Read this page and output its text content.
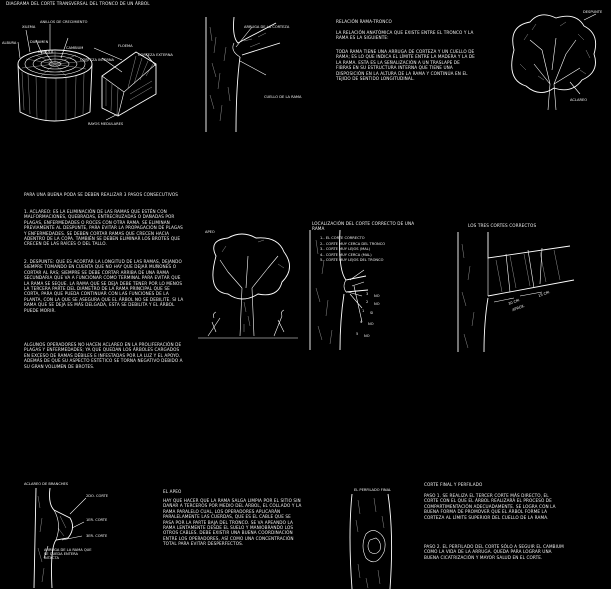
DIAGRAMA DEL CORTE TRANSVERSAL DEL TRONCO DE UN ÁRBOL

XILEMA
ANILLOS DE CRECIMIENTO
ALBURA	DURAMEN
CAMBIUM
MÉDULA
FLOEMA
CORTEZA INTERNA
CORTEZA EXTERNA
RAYOS MEDULARES
ARRUGA DE LA CORTEZA
CUELLO DE LA RAMA

RELACIÓN RAMA-TRONCO

LA RELACIÓN ANATÓMICA QUE EXISTE ENTRE EL TRONCO Y LA RAMA ES LA SIGUIENTE:

TODA RAMA TIENE UNA ARRUGA DE CORTEZA Y UN CUELLO DE RAMA; ES LO QUE INDICA EL LÍMITE ENTRE LA MADERA Y LA DE LA RAMA. ESTA ES LA SEÑALIZACIÓN A UN TRASLAPE DE FIBRAS EN SU ESTRUCTURA INTERNA QUE TIENE UNA DISPOSICIÓN EN LA ALTURA DE LA RAMA Y CONTINÚA EN EL TEJIDO DE SENTIDO LONGITUDINAL.

DESPUNTE
ACLAREO

PARA UNA BUENA PODA SE DEBEN REALIZAR 3 PASOS CONSECUTIVOS

1. ACLAREO: ES LA ELIMINACIÓN DE LAS RAMAS QUE ESTÉN CON MALFORMACIONES, QUEBRADAS, ENTRECRUZADAS O DAÑADAS POR PLAGAS, ENFERMEDADES O ROCES CON OTRA RAMA. SE ELIMINAN PREVIAMENTE AL DESPUNTE, PARA EVITAR LA PROPAGACIÓN DE PLAGAS Y ENFERMEDADES. SE DEBEN CORTAR RAMAS QUE CRECEN HACIA ADENTRO DE LA COPA. TAMBIÉN SE DEBEN ELIMINAR LOS BROTES QUE CRECEN DE LAS RAÍCES O DEL TALLO.

2. DESPUNTE: QUE ES ACORTAR LA LONGITUD DE LAS RAMAS, DEJANDO SIEMPRE TOMANDO EN CUENTA QUE NO HAY QUE DEJAR MUÑONES O CORTAR AL RAS; SIEMPRE SE DEBE CORTAR ARRIBA DE UNA RAMA SECUNDARIA QUE VA A FUNCIONAR COMO TERMINAL PARA EVITAR QUE LA RAMA SE SEQUE. LA RAMA QUE SE DEJA DEBE TENER POR LO MENOS LA TERCERA PARTE DEL DIÁMETRO DE LA RAMA PRINCIPAL QUE SE CORTA, PARA QUE PUEDA CONTINUAR CON LAS FUNCIONES DE LA PLANTA, CON LA QUE SE ASEGURA QUE EL ÁRBOL NO SE DEBILITE. SI LA RAMA QUE SE DEJA ES MÁS DELGADA, ESTA SE DEBILITA Y EL ÁRBOL PUEDE MORIR.

ALGUNOS OPERADORES NO HACEN ACLAREO EN LA PROLIFERACIÓN DE PLAGAS Y ENFERMEDADES; YA QUE QUEDAN LOS ÁRBOLES CARGADOS EN EXCESO DE RAMAS DÉBILES E INFESTADAS POR LA LUZ Y EL APOYO. ADEMÁS DE QUE SU ASPECTO ESTÉTICO SE TORNA NEGATIVO DEBIDO A SU GRAN VOLUMEN DE BROTES.

APEO

LOCALIZACIÓN DEL CORTE CORRECTO DE UNA RAMA

1.- EL CORTE CORRECTO
2.- CORTE MUY CERCA DEL TRONCO
3.- CORTE MUY LEJOS (MAL)
4.- CORTE MUY CERCA (MAL)
5.- CORTE MUY LEJOS DEL TRONCO
3 NO
2 NO
1 SI
4 NO
5 NO

LOS TRES CORTES CORRECTOS

30 CM.
APROX.
15 CM.
ACLAREO DE BRANCHES
2DO. CORTE
1ER. CORTE
3ER. CORTE

ARRUGA DE LA RAMA QUE SE QUEDA ENTERA INTACTA

EL APEO

HAY QUE HACER QUE LA RAMA SALGA LIMPIA POR EL SITIO SIN DAÑAR A TERCEROS POR MEDIO DEL ÁRBOL, EL COLLADO Y LA RAMA PARALELO CUAL, LOS OPERADORES APLICARÁN PARALELAMENTE LAS CUERDAS, QUE ES EL CABLE QUE SE PASA POR LA PARTE BAJA DEL TRONCO. SE VA APEANDO LA RAMA LENTAMENTE DESDE EL SUELO Y MANIOBRANDO LOS OTROS CABLES. DEBE EXISTIR UNA BUENA COORDINACIÓN ENTRE LOS OPERADORES, ASÍ COMO UNA CONCENTRACIÓN TOTAL PARA EVITAR DESPERFECTOS.

EL PERFILADO FINAL

CORTE FINAL Y PERFILADO

PASO 1. SE REALIZA EL TERCER CORTE MÁS DIRECTO, EL CORTE CON EL QUE EL ÁRBOL REALIZARÁ EL PROCESO DE COMPARTIMENTACIÓN ADECUADAMENTE. SE LOGRA CON LA BUENA FORMA DE PROMOVER QUE EL ÁRBOL FORME LA CORTEZA AL LÍMITE SUPERIOR DEL CUELLO DE LA RAMA.

PASO 2. EL PERFILADO DEL CORTE SÓLO A SEGUIR EL CAMBIUM COMO LA VIDA DE LA ARRUGA. QUEDA PARA LOGRAR UNA BUENA CICATRIZACIÓN Y MAYOR SALUD EN EL CORTE.
